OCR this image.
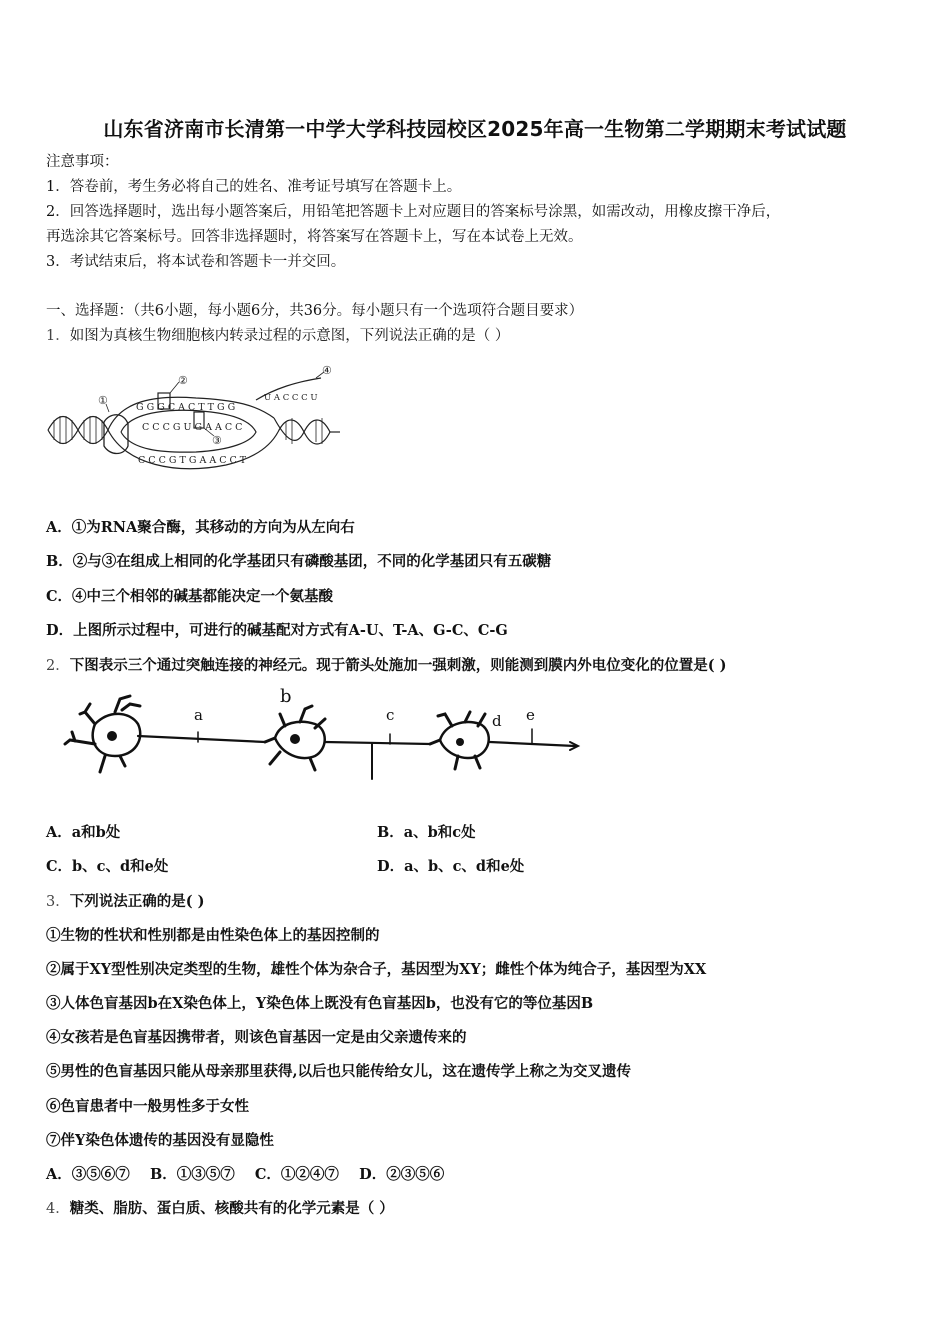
山东省济南市长清第一中学大学科技园校区2025年高一生物第二学期期末考试试题
注意事项：
1．答卷前，考生务必将自己的姓名、准考证号填写在答题卡上。
2．回答选择题时，选出每小题答案后，用铅笔把答题卡上对应题目的答案标号涂黑，如需改动，用橡皮擦干净后，
再选涂其它答案标号。回答非选择题时，将答案写在答题卡上，写在本试卷上无效。
3．考试结束后，将本试卷和答题卡一并交回。
一、选择题：（共6小题，每小题6分，共36分。每小题只有一个选项符合题目要求）
1．如图为真核生物细胞核内转录过程的示意图，下列说法正确的是（ ）
G G G C A C T T G G
C C C G U G A A C C
C C C G T G A A C C T
U A C C C U
①
②
③
④
A．①为RNA聚合酶，其移动的方向为从左向右
B．②与③在组成上相同的化学基团只有磷酸基团，不同的化学基团只有五碳糖
C．④中三个相邻的碱基都能决定一个氨基酸
D．上图所示过程中，可进行的碱基配对方式有A-U、T-A、G-C、C-G
2．下图表示三个通过突触连接的神经元。现于箭头处施加一强刺激，则能测到膜内外电位变化的位置是( )
a
b
c	d e
A．a和b处	B．a、b和c处
C．b、c、d和e处	D．a、b、c、d和e处
3．下列说法正确的是( )
①生物的性状和性别都是由性染色体上的基因控制的
②属于XY型性别决定类型的生物，雄性个体为杂合子，基因型为XY；雌性个体为纯合子，基因型为XX
③人体色盲基因b在X染色体上，Y染色体上既没有色盲基因b，也没有它的等位基因B
④女孩若是色盲基因携带者，则该色盲基因一定是由父亲遗传来的
⑤男性的色盲基因只能从母亲那里获得,以后也只能传给女儿，这在遗传学上称之为交叉遗传
⑥色盲患者中一般男性多于女性
⑦伴Y染色体遗传的基因没有显隐性
A．③⑤⑥⑦    B．①③⑤⑦    C．①②④⑦    D．②③⑤⑥
4．糖类、脂肪、蛋白质、核酸共有的化学元素是（ ）
